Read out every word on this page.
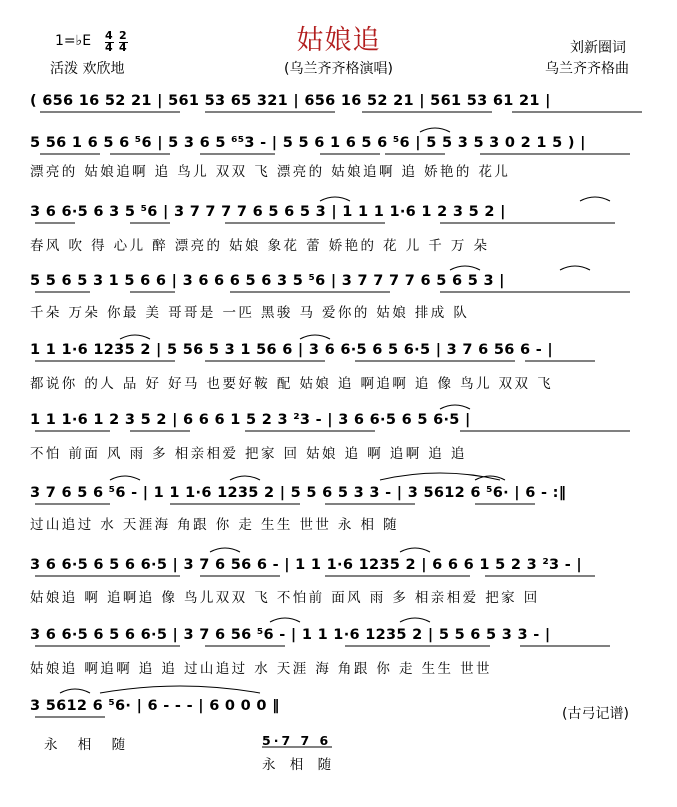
姑娘追
(乌兰齐齐格演唱)
1=♭E 4
4
2
4
活泼 欢欣地
刘新圈词
乌兰齐齐格曲
( 656 16 52 21 | 561 53 65 321 | 656 16 52 21 | 561 53 61 21 |
5 56 1 6 5 6 ⁵6 | 5 3 6 5 ⁶⁵3 - | 5 5 6 1 6 5 6 ⁵6 | 5 5 3 5 3 0 2 1 5 ) |
漂亮的 姑娘追啊 追 鸟儿 双双 飞 漂亮的 姑娘追啊 追 娇艳的 花儿
3 6 6·5 6 3 5 ⁵6 | 3 7 7 7 7 6 5 6 5 3 | 1 1 1 1·6 1 2 3 5 2 |
春风 吹 得 心儿 醉 漂亮的 姑娘 象花 蕾 娇艳的 花 儿 千 万 朵
5 5 6 5 3 1 5 6 6 | 3 6 6 6 5 6 3 5 ⁵6 | 3 7 7 7 7 6 5 6 5 3 |
千朵 万朵 你最 美 哥哥是 一匹 黑骏 马 爱你的 姑娘 排成 队
1 1 1·6 1235 2 | 5 56 5 3 1 56 6 | 3 6 6·5 6 5 6·5 | 3 7 6 56 6 - |
都说你 的人 品 好 好马 也要好鞍 配 姑娘 追 啊追啊 追 像 鸟儿 双双 飞
1 1 1·6 1 2 3 5 2 | 6 6 6 1 5 2 3 ²3 - | 3 6 6·5 6 5 6·5 |
不怕 前面 风 雨 多 相亲相爱 把家 回 姑娘 追 啊 追啊 追 追
3 7 6 5 6 ⁵6 - | 1 1 1·6 1235 2 | 5 5 6 5 3 3 - | 3 5612 6 ⁵6· | 6 - :‖
过山追过 水 天涯海 角跟 你 走 生生 世世 永 相 随
3 6 6·5 6 5 6 6·5 | 3 7 6 56 6 - | 1 1 1·6 1235 2 | 6 6 6 1 5 2 3 ²3 - |
姑娘追 啊 追啊追 像 鸟儿双双 飞 不怕前 面风 雨 多 相亲相爱 把家 回
3 6 6·5 6 5 6 6·5 | 3 7 6 56 ⁵6 - | 1 1 1·6 1235 2 | 5 5 6 5 3 3 - |
姑娘追 啊追啊 追 追 过山追过 水 天涯 海 角跟 你 走 生生 世世
3 5612 6 ⁵6· | 6 - - - | 6 0 0 0 ‖	(古弓记谱)
永 相 随	5·7 7 6
永 相 随
